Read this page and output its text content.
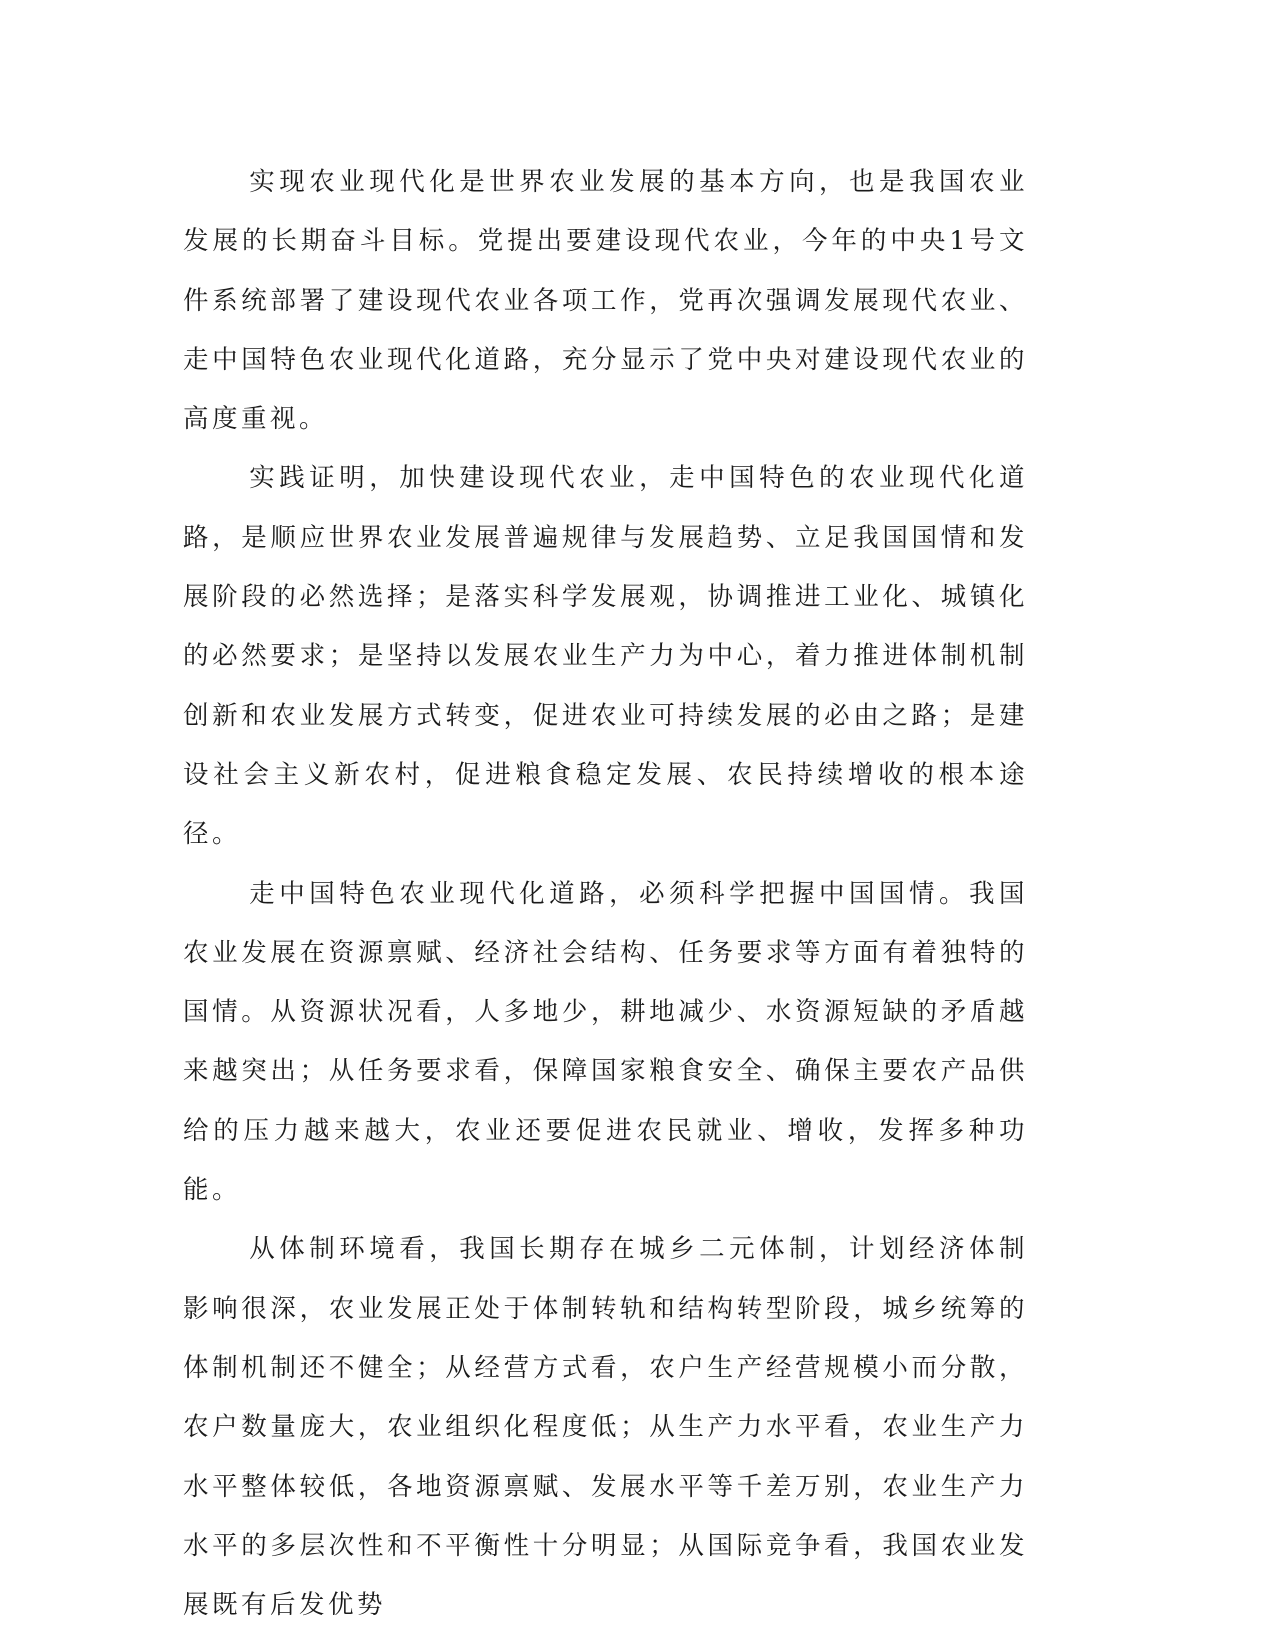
实现农业现代化是世界农业发展的基本方向，也是我国农业发展的长期奋斗目标。党提出要建设现代农业，今年的中央1号文件系统部署了建设现代农业各项工作，党再次强调发展现代农业、走中国特色农业现代化道路，充分显示了党中央对建设现代农业的高度重视。

实践证明，加快建设现代农业，走中国特色的农业现代化道路，是顺应世界农业发展普遍规律与发展趋势、立足我国国情和发展阶段的必然选择；是落实科学发展观，协调推进工业化、城镇化的必然要求；是坚持以发展农业生产力为中心，着力推进体制机制创新和农业发展方式转变，促进农业可持续发展的必由之路；是建设社会主义新农村，促进粮食稳定发展、农民持续增收的根本途径。

走中国特色农业现代化道路，必须科学把握中国国情。我国农业发展在资源禀赋、经济社会结构、任务要求等方面有着独特的国情。从资源状况看，人多地少，耕地减少、水资源短缺的矛盾越来越突出；从任务要求看，保障国家粮食安全、确保主要农产品供给的压力越来越大，农业还要促进农民就业、增收，发挥多种功能。

从体制环境看，我国长期存在城乡二元体制，计划经济体制影响很深，农业发展正处于体制转轨和结构转型阶段，城乡统筹的体制机制还不健全；从经营方式看，农户生产经营规模小而分散，农户数量庞大，农业组织化程度低；从生产力水平看，农业生产力水平整体较低，各地资源禀赋、发展水平等千差万别，农业生产力水平的多层次性和不平衡性十分明显；从国际竞争看，我国农业发展既有后发优势
